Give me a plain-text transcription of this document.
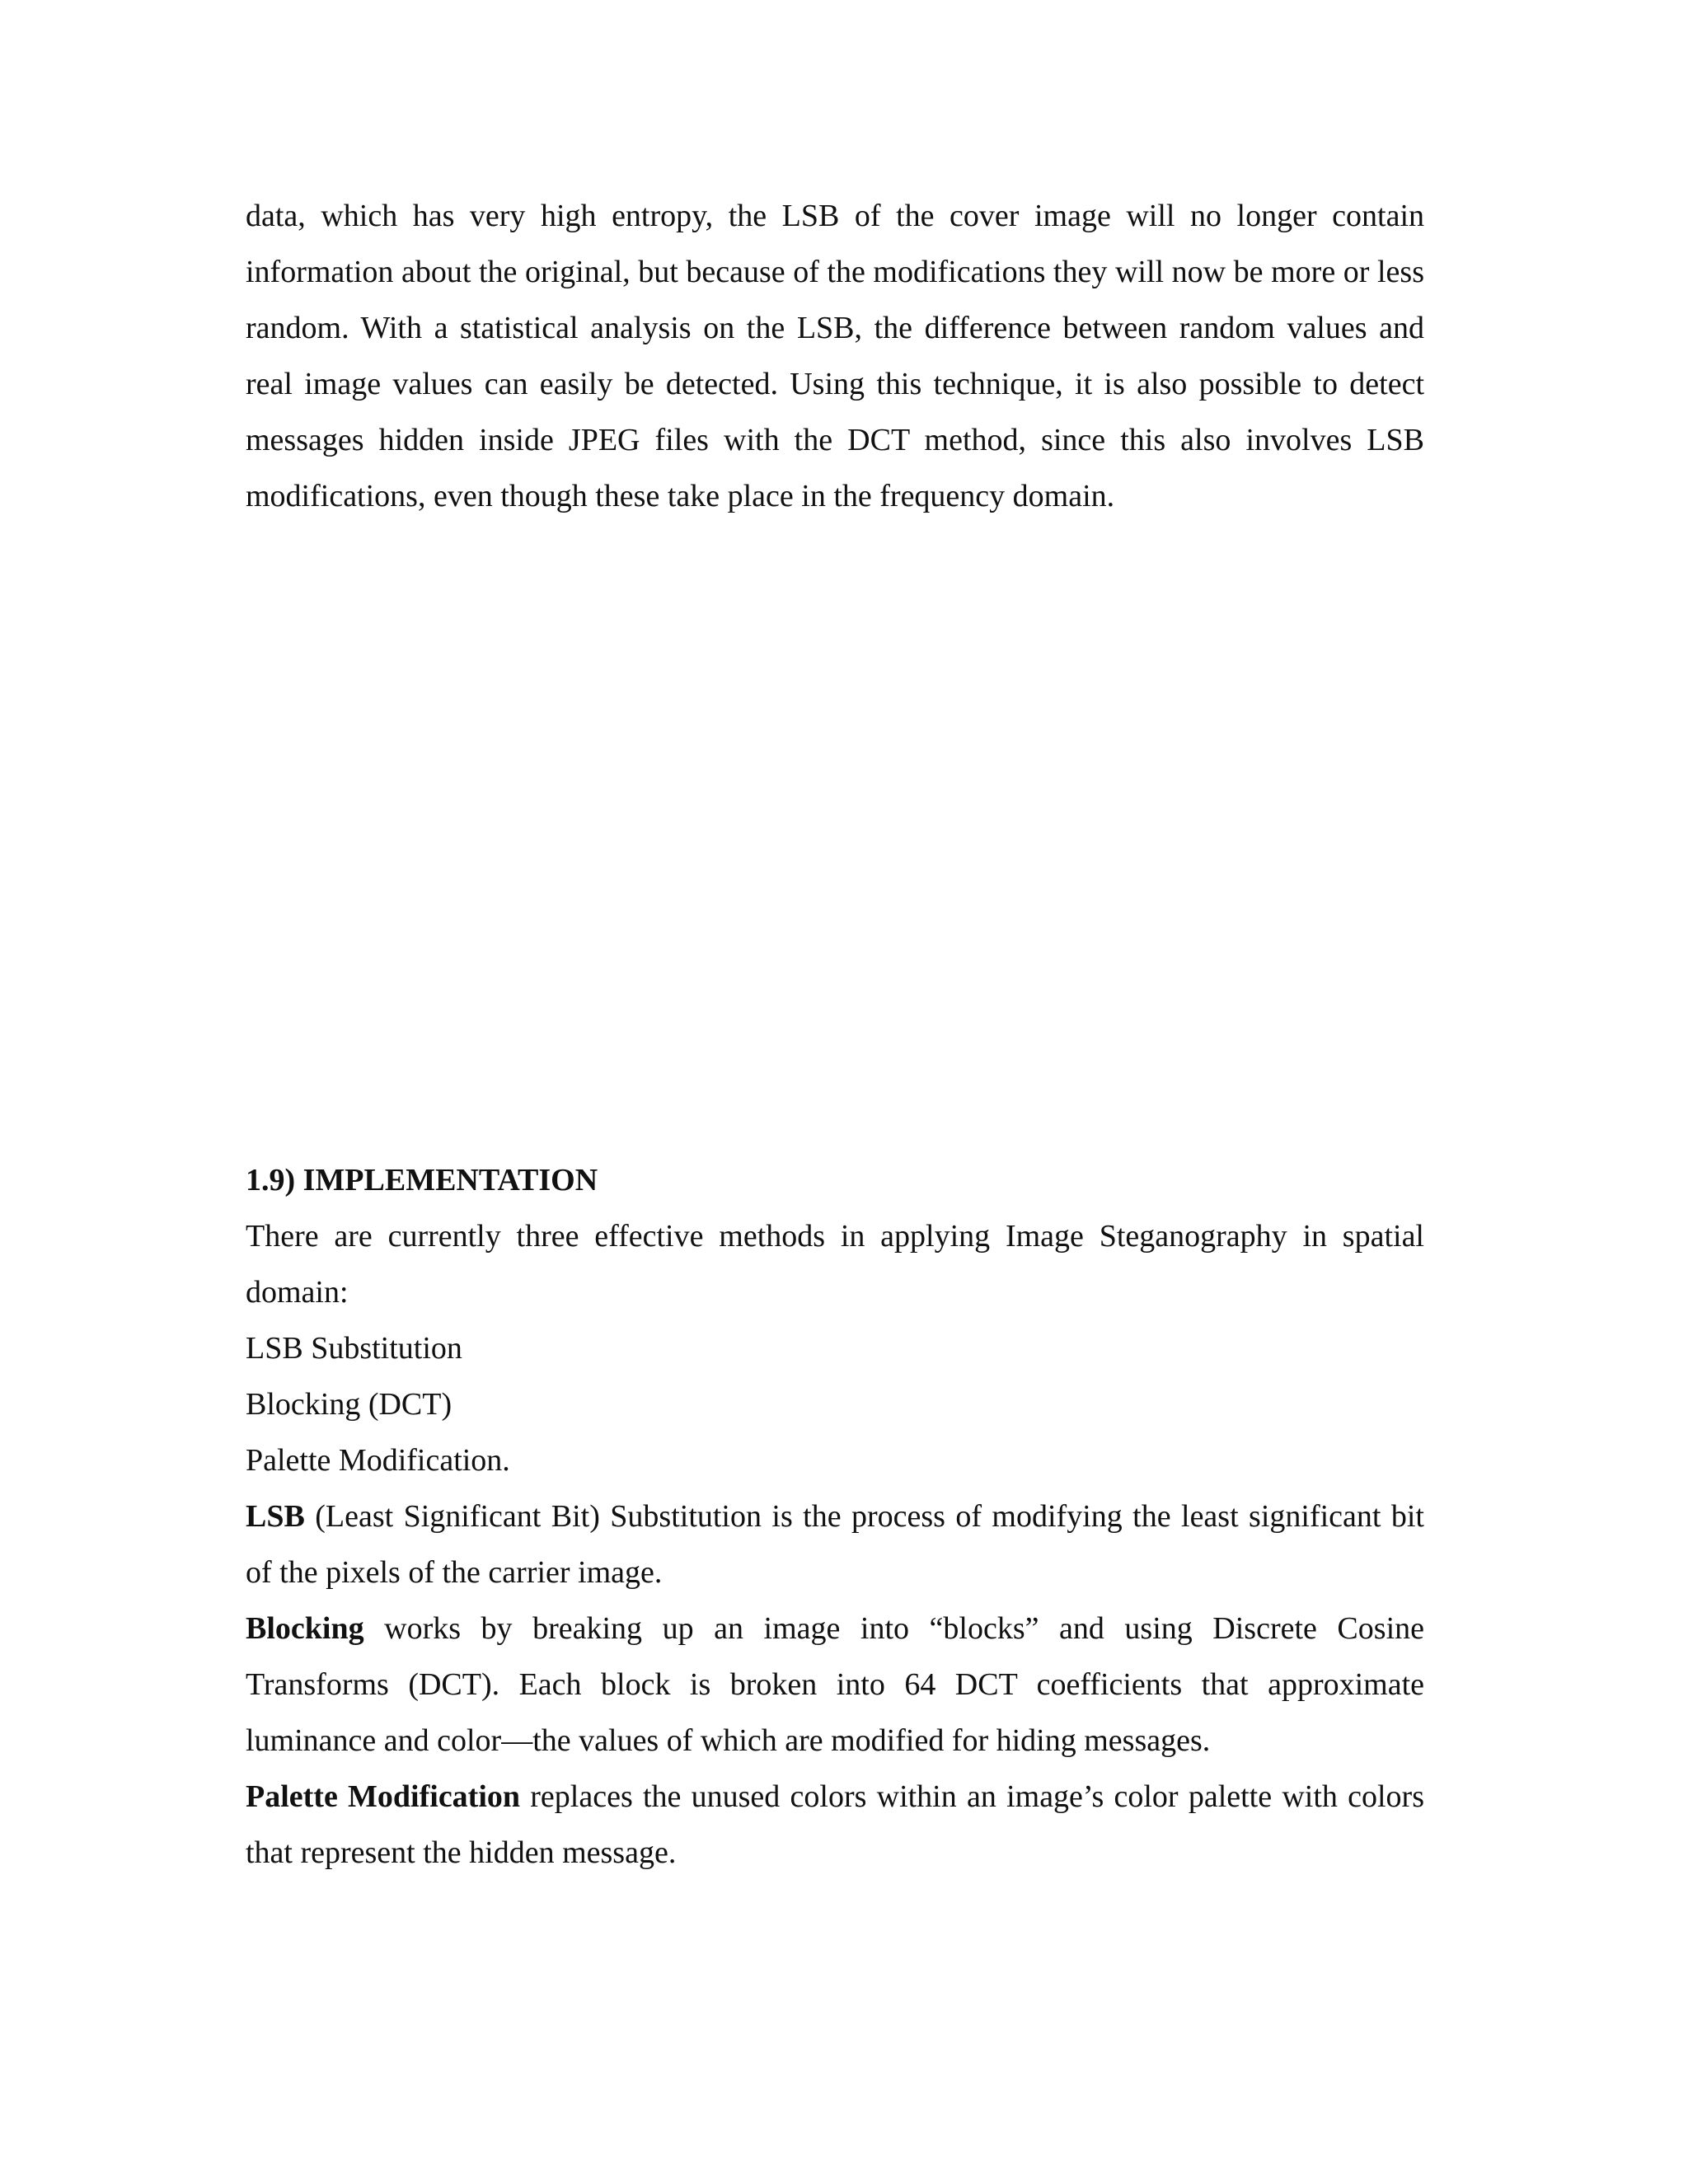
data, which has very high entropy, the LSB of the cover image will no longer contain information about the original, but because of the modifications they will now be more or less random. With a statistical analysis on the LSB, the difference between random values and real image values can easily be detected. Using this technique, it is also possible to detect messages hidden inside JPEG files with the DCT method, since this also involves LSB modifications, even though these take place in the frequency domain.

1.9) IMPLEMENTATION

There are currently three effective methods in applying Image Steganography in spatial domain:

LSB Substitution

Blocking (DCT)

Palette Modification.

LSB (Least Significant Bit) Substitution is the process of modifying the least significant bit of the pixels of the carrier image.

Blocking works by breaking up an image into “blocks” and using Discrete Cosine Transforms (DCT). Each block is broken into 64 DCT coefficients that approximate luminance and color—the values of which are modified for hiding messages.

Palette Modification replaces the unused colors within an image’s color palette with colors that represent the hidden message.
